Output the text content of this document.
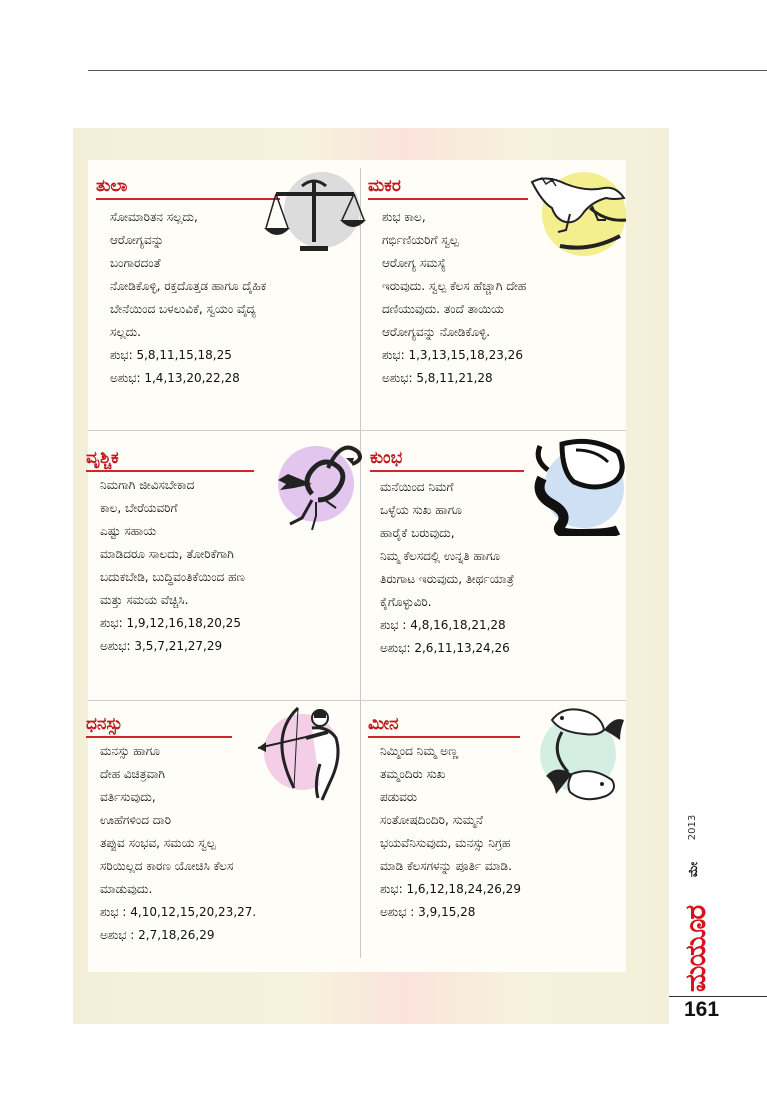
ತುಲಾ
ಸೋಮಾರಿತನ ಸಲ್ಲದು,
ಆರೋಗ್ಯವನ್ನು
ಬಂಗಾರದಂತೆ
ನೋಡಿಕೊಳ್ಳಿ, ರಕ್ತದೊತ್ತಡ ಹಾಗೂ ದೈಹಿಕ
ಬೇನೆಯಿಂದ ಬಳಲುವಿಕೆ, ಸ್ವಯಂ ವೈದ್ಯ
ಸಲ್ಲದು.
ಶುಭ: 5,8,11,15,18,25
ಅಶುಭ: 1,4,13,20,22,28
ಮಕರ
ಶುಭ ಕಾಲ,
ಗರ್ಭಿಣಿಯರಿಗೆ ಸ್ವಲ್ಪ
ಆರೋಗ್ಯ ಸಮಸ್ಯೆ
ಇರುವುದು. ಸ್ವಲ್ಪ ಕೆಲಸ ಹೆಚ್ಚಾಗಿ ದೇಹ
ದಣಿಯುವುದು. ತಂದೆ ತಾಯಿಯ
ಆರೋಗ್ಯವನ್ನು ನೋಡಿಕೊಳ್ಳಿ.
ಶುಭ: 1,3,13,15,18,23,26
ಅಶುಭ: 5,8,11,21,28
ವೃಶ್ಚಿಕ
ನಿಮಗಾಗಿ ಜೀವಿಸಬೇಕಾದ
ಕಾಲ, ಬೇರೆಯವರಿಗೆ
ಎಷ್ಟು ಸಹಾಯ
ಮಾಡಿದರೂ ಸಾಲದು, ತೋರಿಕೆಗಾಗಿ
ಬದುಕಬೇಡಿ, ಬುದ್ಧಿವಂತಿಕೆಯಿಂದ ಹಣ
ಮತ್ತು ಸಮಯ ವೆಚ್ಚಿಸಿ.
ಶುಭ: 1,9,12,16,18,20,25
ಅಶುಭ: 3,5,7,21,27,29
ಕುಂಭ
ಮನೆಯಿಂದ ನಿಮಗೆ
ಒಳ್ಳೆಯ ಸುಖ ಹಾಗೂ
ಹಾರೈಕೆ ಬರುವುದು,
ನಿಮ್ಮ ಕೆಲಸದಲ್ಲಿ ಉನ್ನತಿ ಹಾಗೂ
ತಿರುಗಾಟ ಇರುವುದು, ತೀರ್ಥಯಾತ್ರೆ
ಕೈಗೊಳ್ಳುವಿರಿ.
ಶುಭ : 4,8,16,18,21,28
ಅಶುಭ: 2,6,11,13,24,26
ಧನಸ್ಸು
ಮನಸ್ಸು ಹಾಗೂ
ದೇಹ ವಿಚಿತ್ರವಾಗಿ
ವರ್ತಿಸುವುದು,
ಊಹೆಗಳಿಂದ ದಾರಿ
ತಪ್ಪುವ ಸಂಭವ, ಸಮಯ ಸ್ವಲ್ಪ
ಸರಿಯಿಲ್ಲದ ಕಾರಣ ಯೋಚಿಸಿ ಕೆಲಸ
ಮಾಡುವುದು.
ಶುಭ : 4,10,12,15,20,23,27.
ಅಶುಭ : 2,7,18,26,29
ಮೀನ
ನಿಮ್ಮಿಂದ ನಿಮ್ಮ ಅಣ್ಣ
ತಮ್ಮಂದಿರು ಸುಖ
ಪಡುವರು
ಸಂತೋಷದಿಂದಿರಿ, ಸುಮ್ಮನೆ
ಭಯವೆನಿಸುವುದು, ಮನಸ್ಸು ನಿಗ್ರಹ
ಮಾಡಿ ಕೆಲಸಗಳನ್ನು ಪೂರ್ತಿ ಮಾಡಿ.
ಶುಭ: 1,6,12,18,24,26,29
ಅಶುಭ : 3,9,15,28
2013
ಮೇ
ಮಯೂರ
161
